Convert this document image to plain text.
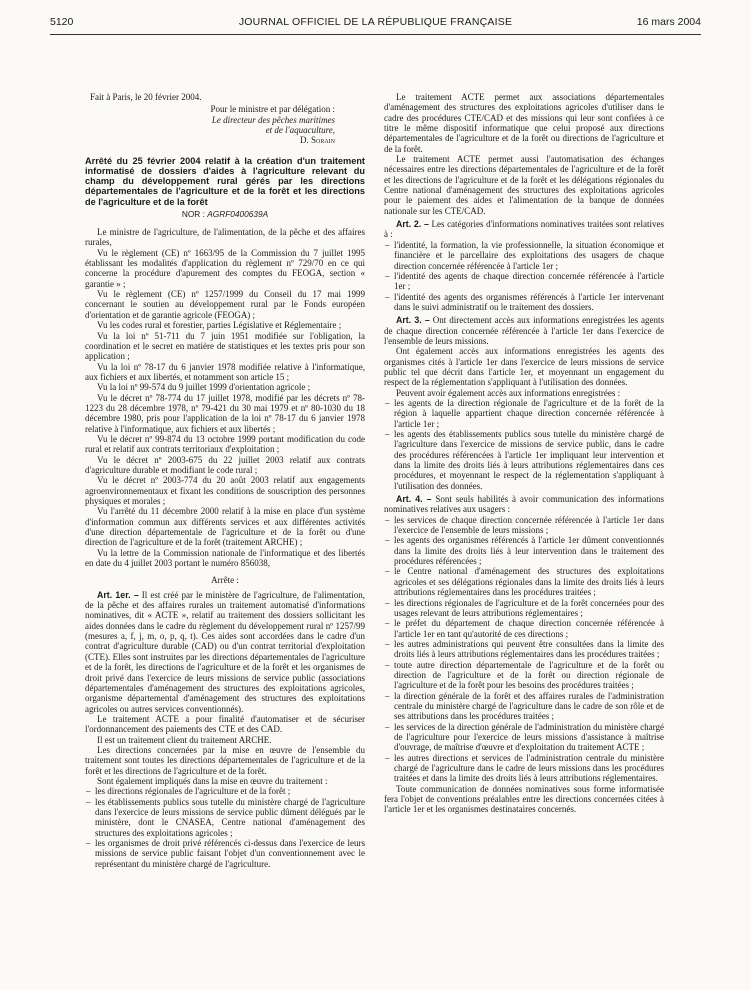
5120	JOURNAL OFFICIEL DE LA RÉPUBLIQUE FRANÇAISE	16 mars 2004
Fait à Paris, le 20 février 2004.
Pour le ministre et par délégation :
Le directeur des pêches maritimes
et de l'aquaculture,
D. Sorain
Arrêté du 25 février 2004 relatif à la création d'un traitement informatisé de dossiers d'aides à l'agriculture relevant du champ du développement rural gérés par les directions départementales de l'agriculture et de la forêt et les directions de l'agriculture et de la forêt
NOR : AGRF0400639A

Le ministre de l'agriculture, de l'alimentation, de la pêche et des affaires rurales,

Vu le règlement (CE) nº 1663/95 de la Commission du 7 juillet 1995 établissant les modalités d'application du règlement nº 729/70 en ce qui concerne la procédure d'apurement des comptes du FEOGA, section « garantie » ;

Vu le règlement (CE) nº 1257/1999 du Conseil du 17 mai 1999 concernant le soutien au développement rural par le Fonds européen d'orientation et de garantie agricole (FEOGA) ;

Vu les codes rural et forestier, parties Législative et Réglementaire ;

Vu la loi nº 51-711 du 7 juin 1951 modifiée sur l'obligation, la coordination et le secret en matière de statistiques et les textes pris pour son application ;

Vu la loi nº 78-17 du 6 janvier 1978 modifiée relative à l'informatique, aux fichiers et aux libertés, et notamment son article 15 ;

Vu la loi nº 99-574 du 9 juillet 1999 d'orientation agricole ;

Vu le décret nº 78-774 du 17 juillet 1978, modifié par les décrets nº 78-1223 du 28 décembre 1978, nº 79-421 du 30 mai 1979 et nº 80-1030 du 18 décembre 1980, pris pour l'application de la loi nº 78-17 du 6 janvier 1978 relative à l'informatique, aux fichiers et aux libertés ;

Vu le décret nº 99-874 du 13 octobre 1999 portant modification du code rural et relatif aux contrats territoriaux d'exploitation ;

Vu le décret nº 2003-675 du 22 juillet 2003 relatif aux contrats d'agriculture durable et modifiant le code rural ;

Vu le décret nº 2003-774 du 20 août 2003 relatif aux engagements agroenvironnementaux et fixant les conditions de souscription des personnes physiques et morales ;

Vu l'arrêté du 11 décembre 2000 relatif à la mise en place d'un système d'information commun aux différents services et aux différentes activités d'une direction départementale de l'agriculture et de la forêt ou d'une direction de l'agriculture et de la forêt (traitement ARCHE) ;

Vu la lettre de la Commission nationale de l'informatique et des libertés en date du 4 juillet 2003 portant le numéro 856038,

Arrête :

Art. 1er. – Il est créé par le ministère de l'agriculture, de l'alimentation, de la pêche et des affaires rurales un traitement automatisé d'informations nominatives, dit « ACTE », relatif au traitement des dossiers sollicitant les aides données dans le cadre du règlement du développement rural nº 1257/99 (mesures a, f, j, m, o, p, q, t). Ces aides sont accordées dans le cadre d'un contrat d'agriculture durable (CAD) ou d'un contrat territorial d'exploitation (CTE). Elles sont instruites par les directions départementales de l'agriculture et de la forêt, les directions de l'agriculture et de la forêt et les organismes de droit privé dans l'exercice de leurs missions de service public (associations départementales d'aménagement des structures des exploitations agricoles, organisme départemental d'aménagement des structures des exploitations agricoles ou autres services conventionnés).

Le traitement ACTE a pour finalité d'automatiser et de sécuriser l'ordonnancement des paiements des CTE et des CAD.

Il est un traitement client du traitement ARCHE.

Les directions concernées par la mise en œuvre de l'ensemble du traitement sont toutes les directions départementales de l'agriculture et de la forêt et les directions de l'agriculture et de la forêt.

Sont également impliqués dans la mise en œuvre du traitement :

– les directions régionales de l'agriculture et de la forêt ;
– les établissements publics sous tutelle du ministère chargé de l'agriculture dans l'exercice de leurs missions de service public dûment délégués par le ministère, dont le CNASEA, Centre national d'aménagement des structures des exploitations agricoles ;
– les organismes de droit privé référencés ci-dessus dans l'exercice de leurs missions de service public faisant l'objet d'un conventionnement avec le représentant du ministère chargé de l'agriculture.

Le traitement ACTE permet aux associations départementales d'aménagement des structures des exploitations agricoles d'utiliser dans le cadre des procédures CTE/CAD et des missions qui leur sont confiées à ce titre le même dispositif informatique que celui proposé aux directions départementales de l'agriculture et de la forêt ou directions de l'agriculture et de la forêt.

Le traitement ACTE permet aussi l'automatisation des échanges nécessaires entre les directions départementales de l'agriculture et de la forêt et les directions de l'agriculture et de la forêt et les délégations régionales du Centre national d'aménagement des structures des exploitations agricoles pour le paiement des aides et l'alimentation de la banque de données nationale sur les CTE/CAD.

Art. 2. – Les catégories d'informations nominatives traitées sont relatives à :

– l'identité, la formation, la vie professionnelle, la situation économique et financière et le parcellaire des exploitations des usagers de chaque direction concernée référencée à l'article 1er ;
– l'identité des agents de chaque direction concernée référencée à l'article 1er ;
– l'identité des agents des organismes référencés à l'article 1er intervenant dans le suivi administratif ou le traitement des dossiers.

Art. 3. – Ont directement accès aux informations enregistrées les agents de chaque direction concernée référencée à l'article 1er dans l'exercice de l'ensemble de leurs missions.

Ont également accès aux informations enregistrées les agents des organismes cités à l'article 1er dans l'exercice de leurs missions de service public tel que décrit dans l'article 1er, et moyennant un engagement du respect de la réglementation s'appliquant à l'utilisation des données.

Peuvent avoir également accès aux informations enregistrées :

– les agents de la direction régionale de l'agriculture et de la forêt de la région à laquelle appartient chaque direction concernée référencée à l'article 1er ;
– les agents des établissements publics sous tutelle du ministère chargé de l'agriculture dans l'exercice de missions de service public, dans le cadre des procédures référencées à l'article 1er impliquant leur intervention et dans la limite des droits liés à leurs attributions réglementaires dans ces procédures, et moyennant le respect de la réglementation s'appliquant à l'utilisation des données.

Art. 4. – Sont seuls habilités à avoir communication des informations nominatives relatives aux usagers :

– les services de chaque direction concernée référencée à l'article 1er dans l'exercice de l'ensemble de leurs missions ;
– les agents des organismes référencés à l'article 1er dûment conventionnés dans la limite des droits liés à leur intervention dans le traitement des procédures référencées ;
– le Centre national d'aménagement des structures des exploitations agricoles et ses délégations régionales dans la limite des droits liés à leurs attributions réglementaires dans les procédures traitées ;
– les directions régionales de l'agriculture et de la forêt concernées pour des usages relevant de leurs attributions réglementaires ;
– le préfet du département de chaque direction concernée référencée à l'article 1er en tant qu'autorité de ces directions ;
– les autres administrations qui peuvent être consultées dans la limite des droits liés à leurs attributions réglementaires dans les procédures traitées ;
– toute autre direction départementale de l'agriculture et de la forêt ou direction de l'agriculture et de la forêt ou direction régionale de l'agriculture et de la forêt pour les besoins des procédures traitées ;
– la direction générale de la forêt et des affaires rurales de l'administration centrale du ministère chargé de l'agriculture dans le cadre de son rôle et de ses attributions dans les procédures traitées ;
– les services de la direction générale de l'administration du ministère chargé de l'agriculture pour l'exercice de leurs missions d'assistance à maîtrise d'ouvrage, de maîtrise d'œuvre et d'exploitation du traitement ACTE ;
– les autres directions et services de l'administration centrale du ministère chargé de l'agriculture dans le cadre de leurs missions dans les procédures traitées et dans la limite des droits liés à leurs attributions réglementaires.

Toute communication de données nominatives sous forme informatisée fera l'objet de conventions préalables entre les directions concernées citées à l'article 1er et les organismes destinataires concernés.
